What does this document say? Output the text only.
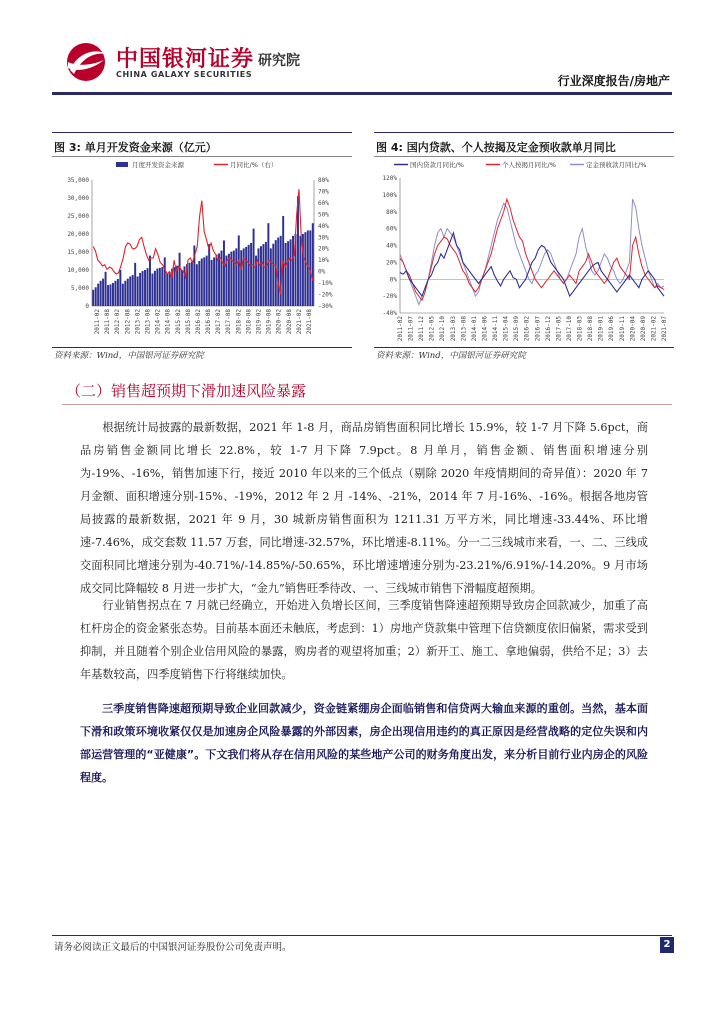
中国银河证券 研究院
CHINA GALAXY SECURITIES	行业深度报告/房地产
图 3: 单月开发资金来源（亿元）
月度开发资金来源	月同比/%（右）
35,000
30,000
25,000
20,000
15,000
10,000
5,000
0
80%
70%
60%
50%
40%
30%
20%
10%
0%
-10%
-20%
-30%
2011-02 2011-08 2012-02 2012-08 2013-02 2013-08 2014-02 2014-08 2015-02 2015-08 2016-02 2016-08 2017-02 2017-08 2018-02 2018-08 2019-02 2019-08 2020-02 2020-08 2021-02 2021-08
资料来源：Wind，中国银河证券研究院
图 4: 国内贷款、个人按揭及定金预收款单月同比
国内贷款月同比/%	个人按揭月同比/%	定金预收款月同比/%
120%
100%
80%
60%
40%
20%
0%
-20%
-40%
2011-02 2011-07 2011-12 2012-05 2012-10 2013-03 2013-08 2014-01 2014-06 2014-11 2015-04 2015-09 2016-02 2016-07 2016-12 2017-05 2017-10 2018-03 2018-08 2019-01 2019-06 2019-11 2020-04 2020-09 2021-02 2021-07
资料来源：Wind，中国银河证券研究院
（二）销售超预期下滑加速风险暴露
根据统计局披露的最新数据，2021 年 1-8 月，商品房销售面积同比增长 15.9%，较 1-7 月下降 5.6pct，商品房销售金额同比增长 22.8%，较 1-7 月下降 7.9pct。8 月单月，销售金额、销售面积增速分别为-19%、-16%，销售加速下行，接近 2010 年以来的三个低点（剔除 2020 年疫情期间的奇异值）：2020 年 7 月金额、面积增速分别-15%、-19%，2012 年 2 月 -14%、-21%，2014 年 7 月-16%、-16%。根据各地房管局披露的最新数据，2021 年 9 月，30 城新房销售面积为 1211.31 万平方米，同比增速-33.44%、环比增速-7.46%，成交套数 11.57 万套，同比增速-32.57%，环比增速-8.11%。分一二三线城市来看，一、二、三线成交面积同比增速分别为-40.71%/-14.85%/-50.65%，环比增速增速分别为-23.21%/6.91%/-14.20%。9 月市场成交同比降幅较 8 月进一步扩大，“金九”销售旺季待改、一、三线城市销售下滑幅度超预期。
行业销售拐点在 7 月就已经确立，开始进入负增长区间，三季度销售降速超预期导致房企回款减少，加重了高杠杆房企的资金紧张态势。目前基本面还未触底，考虑到：1）房地产贷款集中管理下信贷额度依旧偏紧，需求受到抑制，并且随着个别企业信用风险的暴露，购房者的观望将加重；2）新开工、施工、拿地偏弱，供给不足；3）去年基数较高，四季度销售下行将继续加快。
三季度销售降速超预期导致企业回款减少，资金链紧绷房企面临销售和信贷两大输血来源的重创。当然，基本面下滑和政策环境收紧仅仅是加速房企风险暴露的外部因素，房企出现信用违约的真正原因是经营战略的定位失误和内部运营管理的“亚健康”。下文我们将从存在信用风险的某些地产公司的财务角度出发，来分析目前行业内房企的风险程度。
请务必阅读正文最后的中国银河证券股份公司免责声明。	2
